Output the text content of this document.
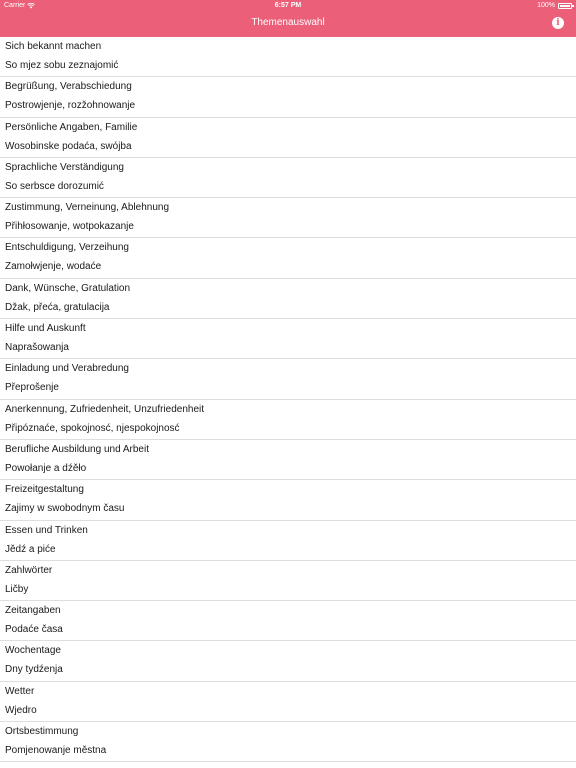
Carrier	6:57 PM	100%
Themenauswahl	i
Sich bekannt machen
So mjez sobu zeznajomić
Begrüßung, Verabschiedung
Postrowjenje, rozžohnowanje
Persönliche Angaben, Familie
Wosobinske podaća, swójba
Sprachliche Verständigung
So serbsce dorozumić
Zustimmung, Verneinung, Ablehnung
Přihłosowanje, wotpokazanje
Entschuldigung, Verzeihung
Zamołwjenje, wodaće
Dank, Wünsche, Gratulation
Džak, přeća, gratulacija
Hilfe und Auskunft
Naprašowanja
Einladung und Verabredung
Přeprošenje
Anerkennung, Zufriedenheit, Unzufriedenheit
Připóznaće, spokojnosć, njespokojnosć
Berufliche Ausbildung und Arbeit
Powołanje a dźěło
Freizeitgestaltung
Zajimy w swobodnym času
Essen und Trinken
Jědź a piće
Zahlwörter
Ličby
Zeitangaben
Podaće časa
Wochentage
Dny tydźenja
Wetter
Wjedro
Ortsbestimmung
Pomjenowanje městna
